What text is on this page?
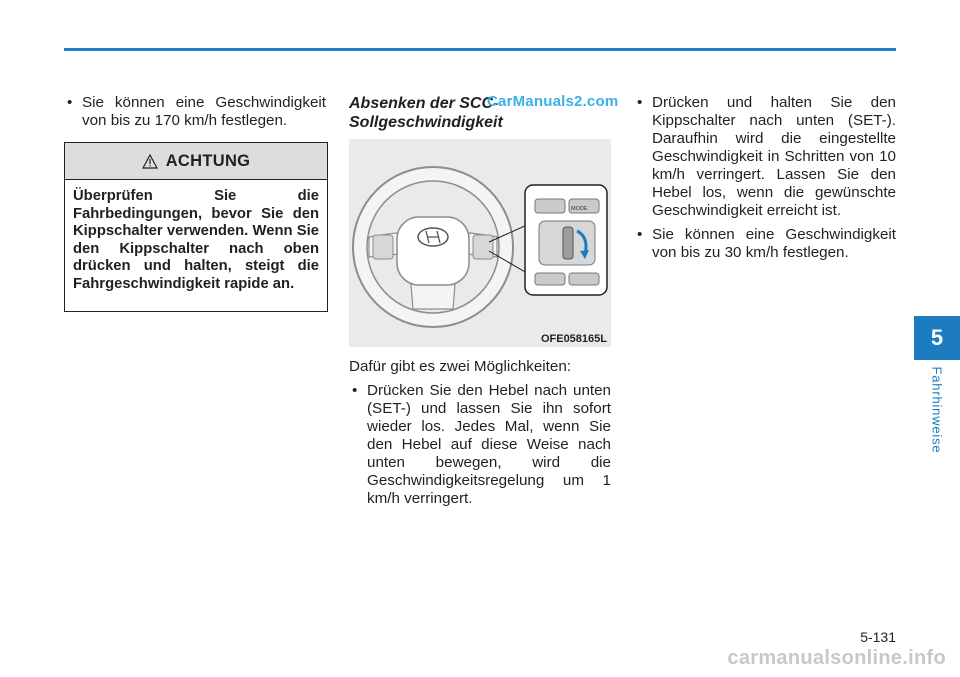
• Sie können eine Geschwindigkeit von bis zu 170 km/h festlegen.
ACHTUNG
Überprüfen Sie die Fahrbedingungen, bevor Sie den Kippschalter verwenden. Wenn Sie den Kippschalter nach oben drücken und halten, steigt die Fahrgeschwindigkeit rapide an.

Absenken der SCC-
Sollgeschwindigkeit

MODE
OFE058165L

Dafür gibt es zwei Möglichkeiten:

• Drücken Sie den Hebel nach unten (SET-) und lassen Sie ihn sofort wieder los. Jedes Mal, wenn Sie den Hebel auf diese Weise nach unten bewegen, wird die Geschwindigkeitsregelung um 1 km/h verringert.
• Drücken und halten Sie den Kippschalter nach unten (SET-). Daraufhin wird die eingestellte Geschwindigkeit in Schritten von 10 km/h verringert. Lassen Sie den Hebel los, wenn die gewünschte Geschwindigkeit erreicht ist.
• Sie können eine Geschwindigkeit von bis zu 30 km/h festlegen.
CarManuals2.com
5
Fahrhinweise
5-131
carmanualsonline.info
